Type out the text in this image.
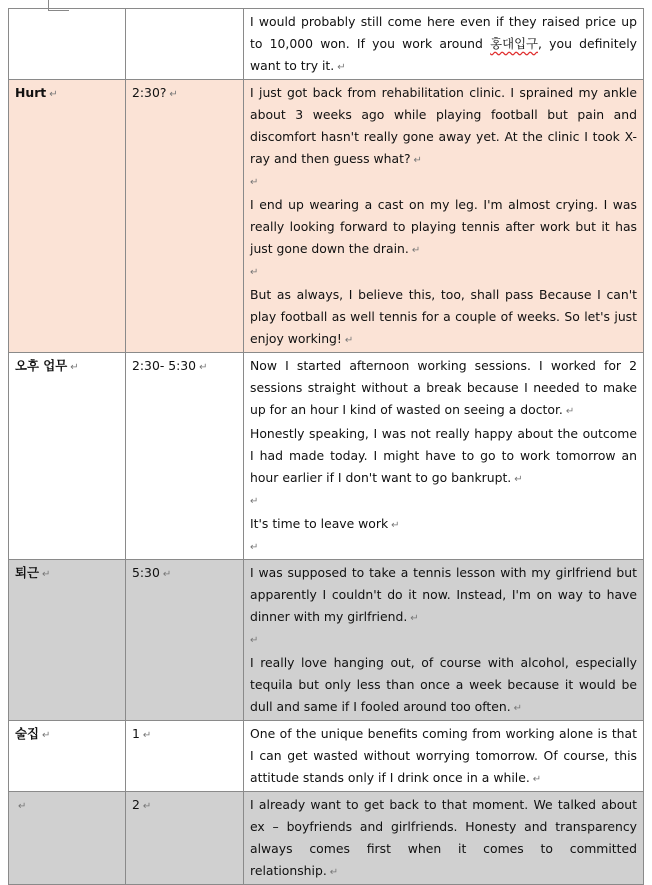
		I would probably still come here even if they raised price up to 10,000 won. If you work around 홍대입구, you definitely want to try it. ↵

Hurt ↵	2:30? ↵	I just got back from rehabilitation clinic. I sprained my ankle about 3 weeks ago while playing football but pain and discomfort hasn't really gone away yet. At the clinic I took X-ray and then guess what? ↵

↵

I end up wearing a cast on my leg. I'm almost crying. I was really looking forward to playing tennis after work but it has just gone down the drain. ↵

↵

But as always, I believe this, too, shall pass Because I can't play football as well tennis for a couple of weeks. So let's just enjoy working! ↵

오후 업무 ↵	2:30- 5:30 ↵	Now I started afternoon working sessions. I worked for 2 sessions straight without a break because I needed to make up for an hour I kind of wasted on seeing a doctor. ↵

Honestly speaking, I was not really happy about the outcome I had made today. I might have to go to work tomorrow an hour earlier if I don't want to go bankrupt. ↵

↵

It's time to leave work ↵

↵

퇴근 ↵	5:30 ↵	I was supposed to take a tennis lesson with my girlfriend but apparently I couldn't do it now. Instead, I'm on way to have dinner with my girlfriend. ↵

↵

I really love hanging out, of course with alcohol, especially tequila but only less than once a week because it would be dull and same if I fooled around too often. ↵

술집 ↵	1 ↵	One of the unique benefits coming from working alone is that I can get wasted without worrying tomorrow. Of course, this attitude stands only if I drink once in a while. ↵

↵	2 ↵	I already want to get back to that moment. We talked about ex – boyfriends and girlfriends. Honesty and transparency always comes first when it comes to committed relationship. ↵
